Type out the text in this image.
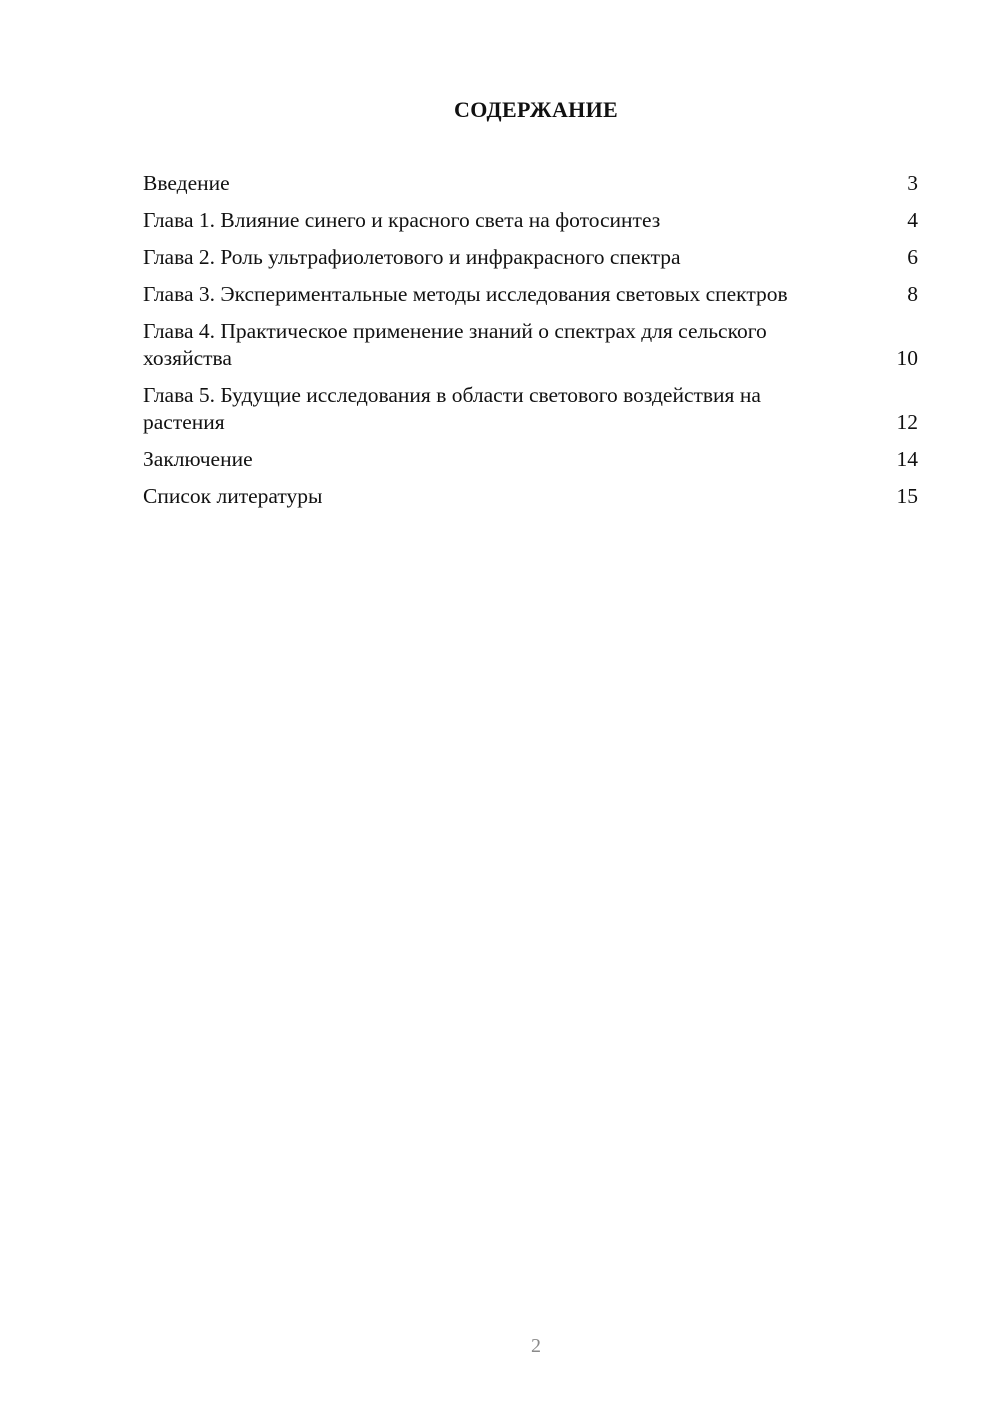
СОДЕРЖАНИЕ
Введение	3
Глава 1. Влияние синего и красного света на фотосинтез	4
Глава 2. Роль ультрафиолетового и инфракрасного спектра	6
Глава 3. Экспериментальные методы исследования световых спектров	8
Глава 4. Практическое применение знаний о спектрах для сельского хозяйства	10
Глава 5. Будущие исследования в области светового воздействия на растения	12
Заключение	14
Список литературы	15
2
